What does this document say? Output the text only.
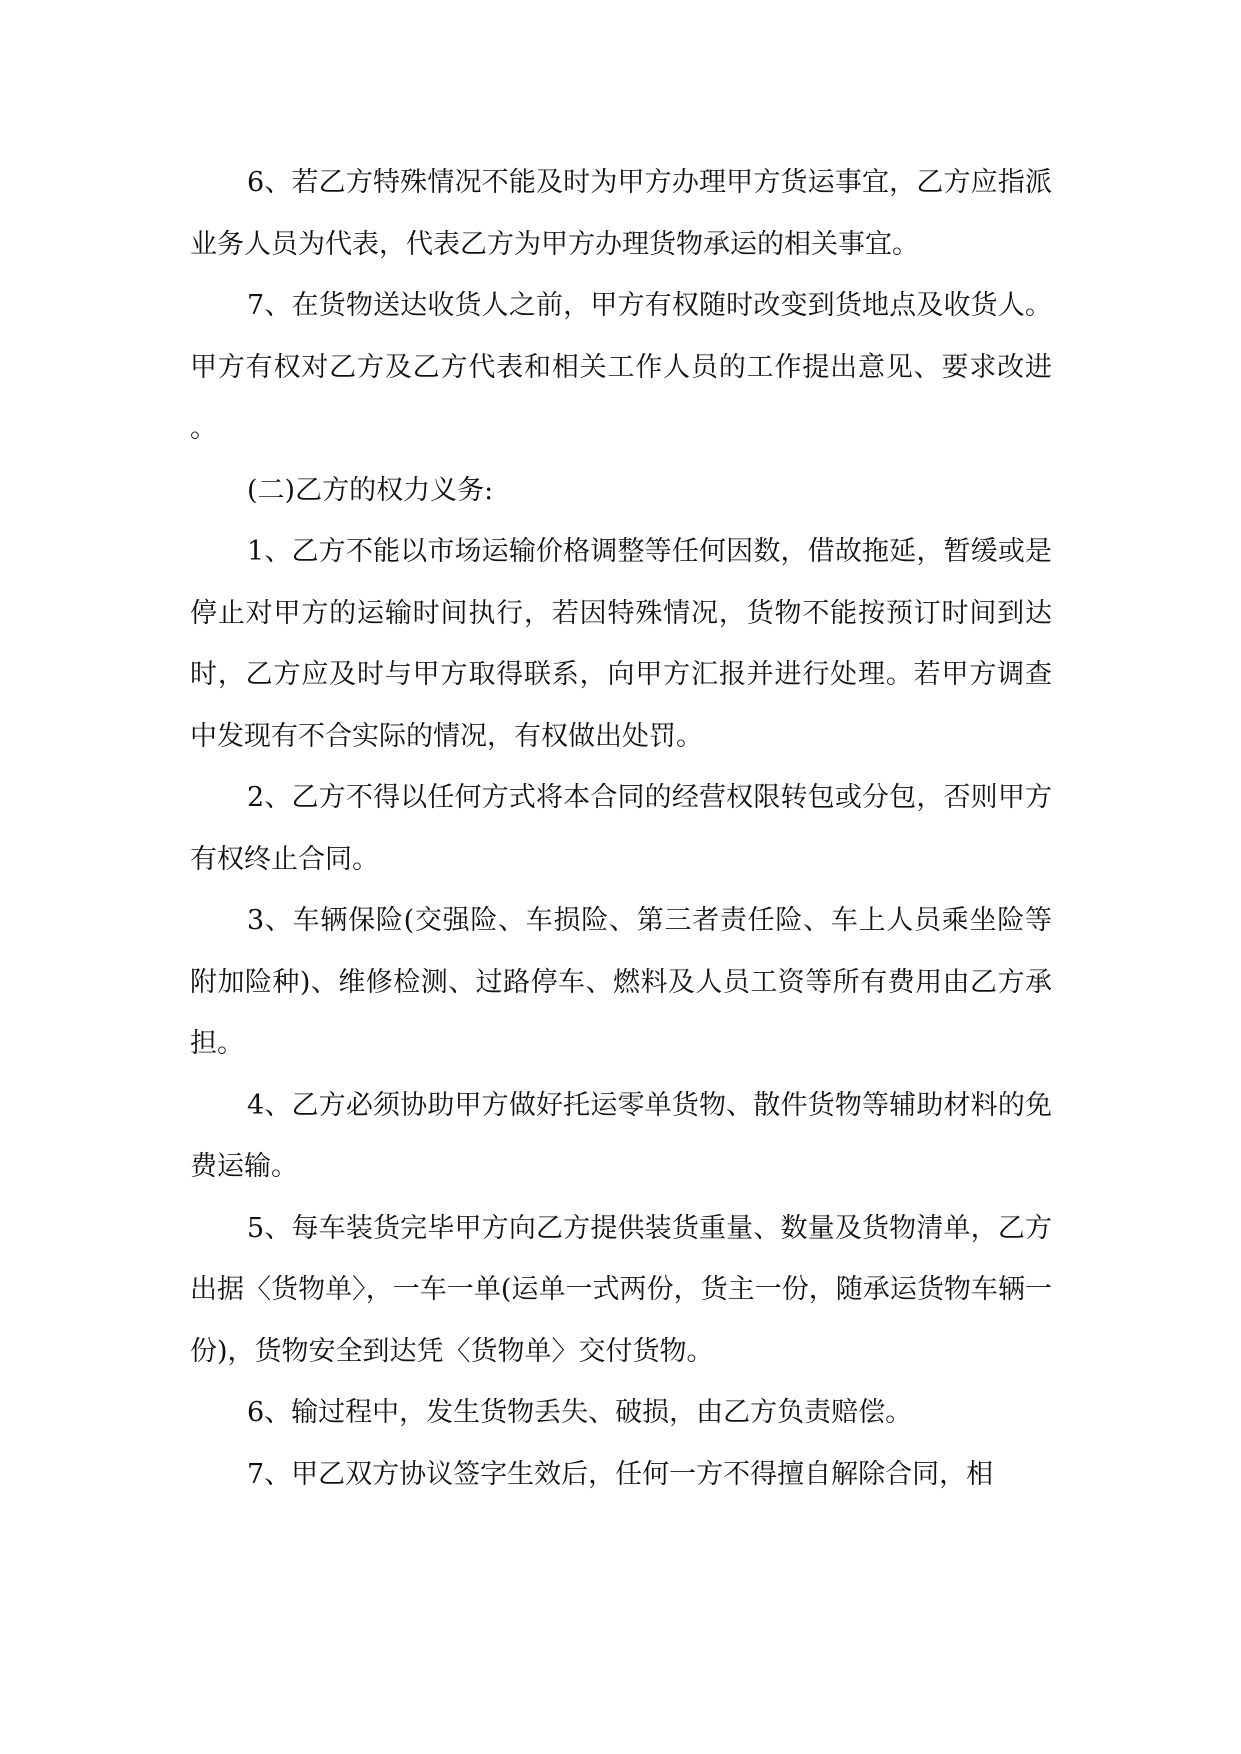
6、若乙方特殊情况不能及时为甲方办理甲方货运事宜，乙方应指派业务人员为代表，代表乙方为甲方办理货物承运的相关事宜。

7、在货物送达收货人之前，甲方有权随时改变到货地点及收货人。 甲方有权对乙方及乙方代表和相关工作人员的工作提出意见、要求改进。

(二)乙方的权力义务:

1、乙方不能以市场运输价格调整等任何因数，借故拖延，暂缓或是停止对甲方的运输时间执行，若因特殊情况，货物不能按预订时间到达时，乙方应及时与甲方取得联系，向甲方汇报并进行处理。若甲方调查中发现有不合实际的情况，有权做出处罚。

2、乙方不得以任何方式将本合同的经营权限转包或分包，否则甲方有权终止合同。

3、车辆保险(交强险、车损险、第三者责任险、车上人员乘坐险等附加险种)、维修检测、过路停车、燃料及人员工资等所有费用由乙方承担。

4、乙方必须协助甲方做好托运零单货物、散件货物等辅助材料的免费运输。

5、每车装货完毕甲方向乙方提供装货重量、数量及货物清单，乙方出据〈货物单〉，一车一单(运单一式两份，货主一份，随承运货物车辆一份)，货物安全到达凭〈货物单〉交付货物。

6、输过程中，发生货物丢失、破损，由乙方负责赔偿。

7、甲乙双方协议签字生效后，任何一方不得擅自解除合同，相
